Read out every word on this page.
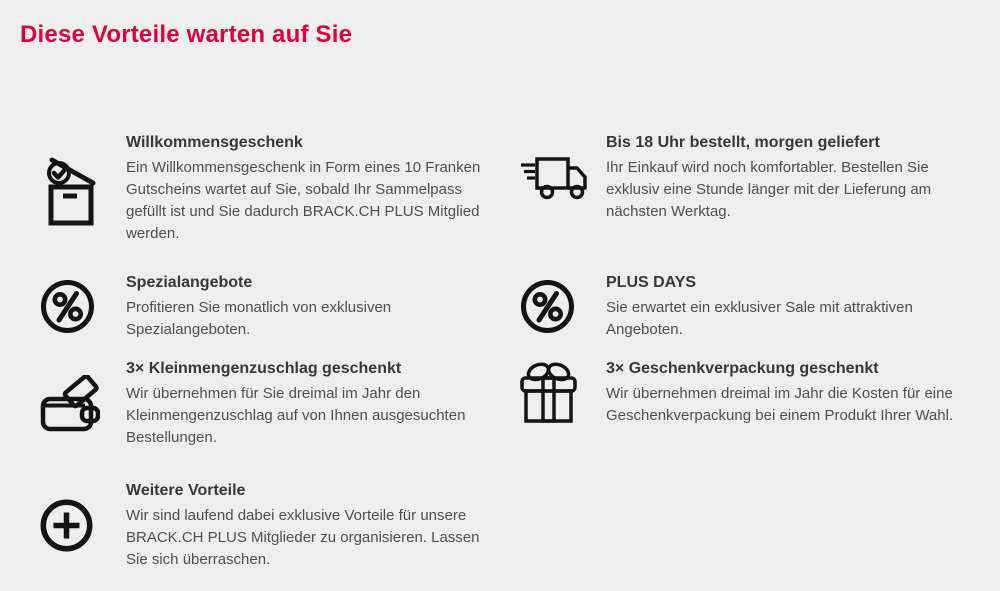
Diese Vorteile warten auf Sie
Willkommensgeschenk
Ein Willkommensgeschenk in Form eines 10 Franken Gutscheins wartet auf Sie, sobald Ihr Sammelpass gefüllt ist und Sie dadurch BRACK.CH PLUS Mitglied werden.
Spezialangebote
Profitieren Sie monatlich von exklusiven Spezialangeboten.
3× Kleinmengenzuschlag geschenkt
Wir übernehmen für Sie dreimal im Jahr den Kleinmengenzuschlag auf von Ihnen ausgesuchten Bestellungen.
Weitere Vorteile
Wir sind laufend dabei exklusive Vorteile für unsere BRACK.CH PLUS Mitglieder zu organisieren. Lassen Sie sich überraschen.
Bis 18 Uhr bestellt, morgen geliefert
Ihr Einkauf wird noch komfortabler. Bestellen Sie exklusiv eine Stunde länger mit der Lieferung am nächsten Werktag.
PLUS DAYS
Sie erwartet ein exklusiver Sale mit attraktiven Angeboten.
3× Geschenkverpackung geschenkt
Wir übernehmen dreimal im Jahr die Kosten für eine Geschenkverpackung bei einem Produkt Ihrer Wahl.
